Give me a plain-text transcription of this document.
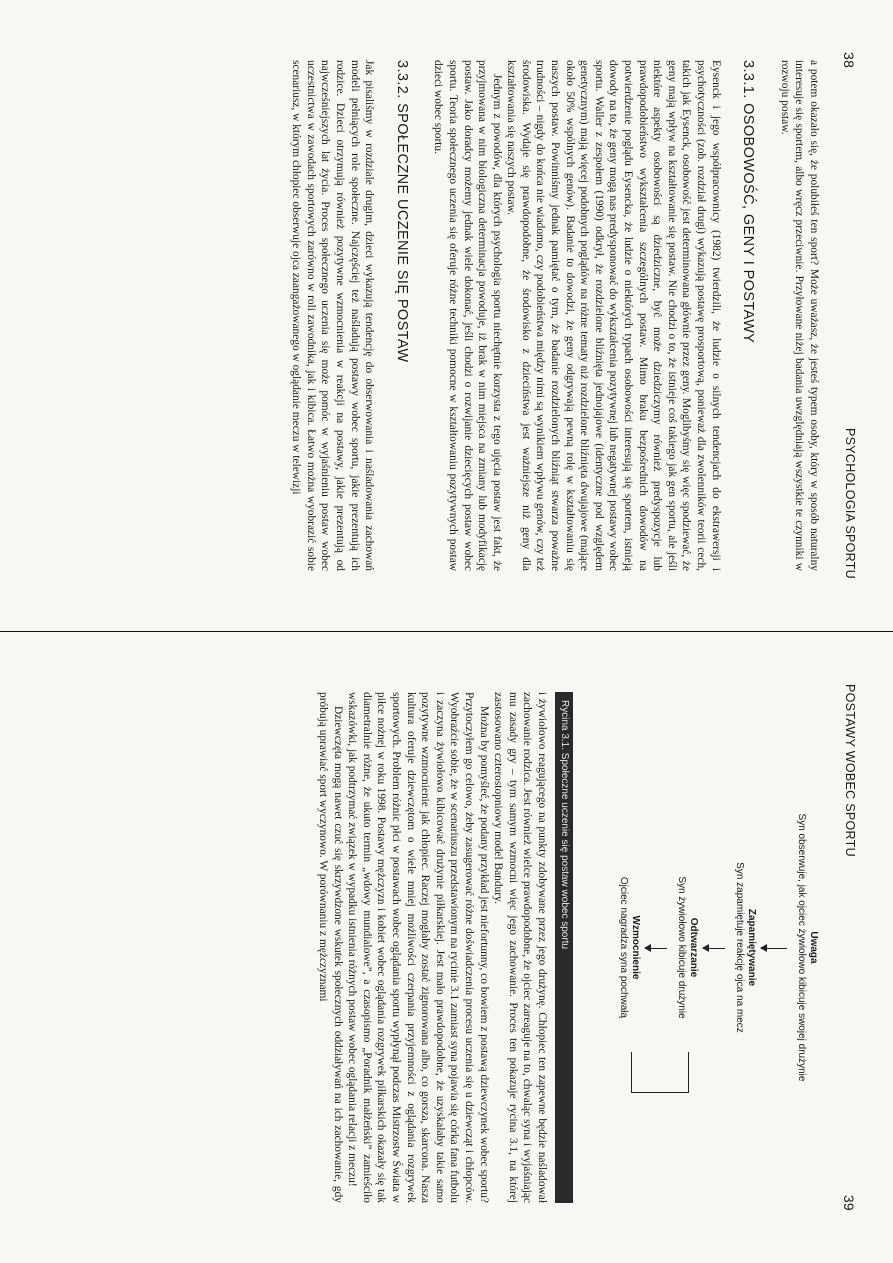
38
PSYCHOLOGIA SPORTU

a potem okazało się, że polubiłeś ten sport? Może uważasz, że jesteś typem osoby, który w sposób naturalny interesuje się sportem, albo wręcz przeciwnie. Przyłowane niżej badania uwzględniają wszystkie te czynniki w rozwoju postaw.

3.3.1. OSOBOWOŚĆ, GENY I POSTAWY

Eysenck i jego współpracownicy (1982) twierdzili, że ludzie o silnych tendencjach do ekstrawersji i psychotyczności (zob. rozdział drugi) wykazują postawę prosportową, ponieważ dla zwolenników teorii cech, takich jak Eysenck, osobowość jest determinowana głównie przez geny. Moglibyśmy się więc spodziewać, że geny mają wpływ na kształtowanie się postaw. Nie chodzi o to, że istnieje coś takiego jak gen sportu, ale jeśli niektóre aspekty osobowości są dziedziczne, być może dziedziczymy również predyspozycje lub prawdopodobieństwo wykształcenia szczególnych postaw. Mimo braku bezpośrednich dowodów na potwierdzenie poglądu Eysencka, że ludzie o niektórych typach osobowości interesują się sportem, istnieją dowody na to, że geny mogą nas predysponować do wykształcenia pozytywnej lub negatywnej postawy wobec sportu. Waller z zespołem (1990) odkrył, że rozdzielone bliźnięta jednojajowe (identyczne pod względem genetycznym) mają więcej podobnych poglądów na różne tematy niż rozdzielone bliźnięta dwujajowe (mające około 50% wspólnych genów). Badanie to dowodzi, że geny odgrywają pewną rolę w kształtowaniu się naszych postaw. Powinniśmy jednak pamiętać o tym, że badanie rozdzielonych bliźniąt stwarza poważne trudności – nigdy do końca nie wiadomo, czy podobieństwa między nimi są wynikiem wpływu genów, czy też środowiska. Wydaje się prawdopodobne, że środowisko z dzieciństwa jest ważniejsze niż geny dla kształtowania się naszych postaw.

Jednym z powodów, dla których psychologia sportu niechętnie korzysta z tego ujęcia postaw jest fakt, że przyjmowana w nim biologiczna determinacja powoduje, iż brak w nim miejsca na zmiany lub modyfikację postaw. Jako doradcy możemy jednak wiele dokonać, jeśli chodzi o rozwijanie dziecięcych postaw wobec sportu. Teoria społecznego uczenia się oferuje różne techniki pomocne w kształtowaniu pozytywnych postaw dzieci wobec sportu.

3.3.2. SPOŁECZNE UCZENIE SIĘ POSTAW

Jak pisaliśmy w rozdziale drugim, dzieci wykazują tendencję do obserwowania i naśladowania zachowań modeli pełniących role społeczne. Najczęściej też naśladują postawy wobec sportu, jakie prezentują ich rodzice. Dzieci otrzymują również pozytywne wzmocnienia w reakcji na postawy, jakie prezentują od najwcześniejszych lat życia. Proces społecznego uczenia się może pomóc w wyjaśnieniu postaw wobec uczestnictwa w zawodach sportowych zarówno w roli zawodnika, jak i kibica. Łatwo można wyobrazić sobie scenariusz, w którym chłopiec obserwuje ojca zaangażowanego w oglądanie meczu w telewizji

POSTAWY WOBEC SPORTU
39
Uwaga
Syn obserwuje, jak ojciec żywiołowo kibicuje swojej drużynie
Zapamiętywanie
Syn zapamiętuje reakcję ojca na mecz
Odtwarzanie
Syn żywiołowo kibicuje drużynie
Wzmocnienie
Ojciec nagradza syna pochwałą
Rycina 3.1. Społeczne uczenie się postaw wobec sportu

i żywiołowo reagującego na punkty zdobywane przez jego drużynę. Chłopiec ten zapewne będzie naśladował zachowanie rodzica. Jest również wielce prawdopodobne, że ojciec zareaguje na to, chwaląc syna i wyjaśniając mu zasady gry – tym samym wzmocni więc jego zachowanie. Proces ten pokazuje rycina 3.1, na której zastosowano czterostopniowy model Bandury.

Można by pomyśleć, że podany przykład jest niefortunny, co bowiem z postawą dziewczynek wobec sportu? Przytoczyłem go celowo, żeby zasugerować różne doświadczenia procesu uczenia się u dziewcząt i chłopców. Wyobraźcie sobie, że w scenariuszu przedstawionym na rycinie 3.1 zamiast syna pojawia się córka fana futbolu i zaczyna żywiołowo kibicować drużynie piłkarskiej. Jest mało prawdopodobne, że uzyskałaby takie samo pozytywne wzmocnienie jak chłopiec. Raczej mogłaby zostać zignorowana albo, co gorsza, skarcona. Nasza kultura oferuje dziewczętom o wiele mniej możliwości czerpania przyjemności z oglądania rozgrywek sportowych. Problem różnic płci w postawach wobec oglądania sportu wypłynął podczas Mistrzostw Świata w piłce nożnej w roku 1998. Postawy mężczyzn i kobiet wobec oglądania rozgrywek piłkarskich okazały się tak diametralnie różne, że ukuto termin „wdowy mundialowe”, a czasopismo „Poradnik małżeński” zamieściło wskazówki, jak podtrzymać związek w wypadku istnienia różnych postaw wobec oglądania relacji z meczu!

Dziewczęta mogą nawet czuć się skrzywdzone wskutek społecznych oddziaływań na ich zachowanie, gdy próbują uprawiać sport wyczynowo. W porównaniu z mężczyznami
